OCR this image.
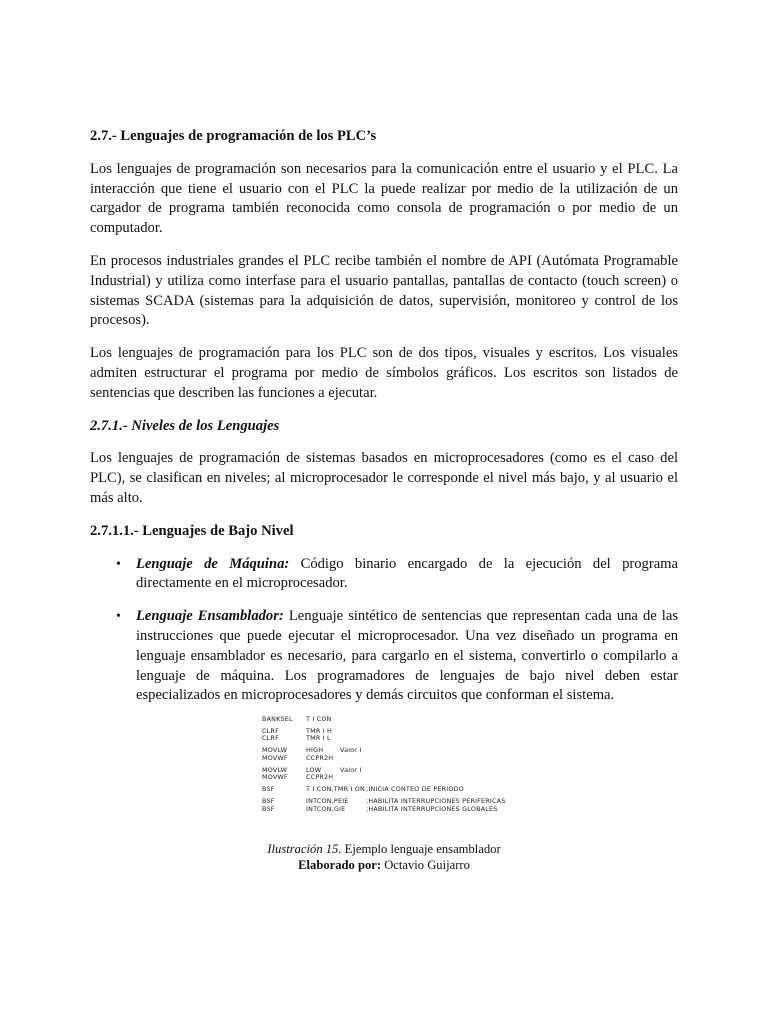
2.7.- Lenguajes de programación de los PLC’s

Los lenguajes de programación son necesarios para la comunicación entre el usuario y el PLC. La interacción que tiene el usuario con el PLC la puede realizar por medio de la utilización de un cargador de programa también reconocida como consola de programación o por medio de un computador.

En procesos industriales grandes el PLC recibe también el nombre de API (Autómata Programable Industrial) y utiliza como interfase para el usuario pantallas, pantallas de contacto (touch screen) o sistemas SCADA (sistemas para la adquisición de datos, supervisión, monitoreo y control de los procesos).

Los lenguajes de programación para los PLC son de dos tipos, visuales y escritos. Los visuales admiten estructurar el programa por medio de símbolos gráficos. Los escritos son listados de sentencias que describen las funciones a ejecutar.

2.7.1.- Niveles de los Lenguajes

Los lenguajes de programación de sistemas basados en microprocesadores (como es el caso del PLC), se clasifican en niveles; al microprocesador le corresponde el nivel más bajo, y al usuario el más alto.

2.7.1.1.- Lenguajes de Bajo Nivel
• Lenguaje de Máquina: Código binario encargado de la ejecución del programa directamente en el microprocesador.
• Lenguaje Ensamblador: Lenguaje sintético de sentencias que representan cada una de las instrucciones que puede ejecutar el microprocesador. Una vez diseñado un programa en lenguaje ensamblador es necesario, para cargarlo en el sistema, convertirlo o compilarlo a lenguaje de máquina. Los programadores de lenguajes de bajo nivel deben estar especializados en microprocesadores y demás circuitos que conforman el sistema.
BANKSEL	T I CON
CLRF	TMR I H
CLRF	TMR I L
MOVLW	HIGH	Valor I
MOVWF	CCPR2H
MOVLW	LOW	Valor I
MOVWF	CCPR2H
BSF	T I CON,TMR I ON ;INICIA CONTEO DE PERIODO
BSF	INTCON,PEIE	;HABILITA INTERRUPCIONES PERIFERICAS
BSF	INTCON,GIE	;HABILITA INTERRUPCIONES GLOBALES
Ilustración 15. Ejemplo lenguaje ensamblador
Elaborado por: Octavio Guijarro
